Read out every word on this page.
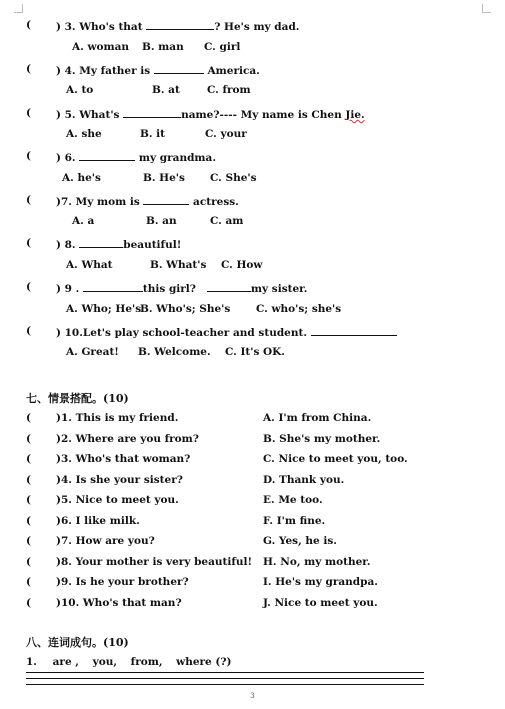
( ) 3. Who's that	? He's my dad.
A. woman B. man C. girl
( ) 4. My father is	America.
A. to	B. at	C. from
( ) 5. What's	name?---- My name is Chen Jie.
A. she	B. it	C. your
( ) 6.	my grandma.
A. he's	B. He's C. She's
( )7. My mom is	actress.
A. a	B. an	C. am
( ) 8.	beautiful!
A. What	B. What's C. How
( ) 9 .	this girl?	my sister.
A. Who; He's
B. Who's; She's C. who's; she's
( ) 10.Let's play school-teacher and student.
A. Great! B. Welcome. C. It's OK.
七、情景搭配。(10)
( )1. This is my friend.	A. I'm from China.
( )2. Where are you from?	B. She's my mother.
( )3. Who's that woman?	C. Nice to meet you, too.
( )4. Is she your sister?	D. Thank you.
( )5. Nice to meet you.	E. Me too.
( )6. I like milk.	F. I'm fine.
( )7. How are you?	G. Yes, he is.
( )8. Your mother is very beautiful! H. No, my mother.
( )9. Is he your brother?	I. He's my grandpa.
( )10. Who's that man?	J. Nice to meet you.
八、连词成句。(10)
1. are , you, from, where (?)
3
